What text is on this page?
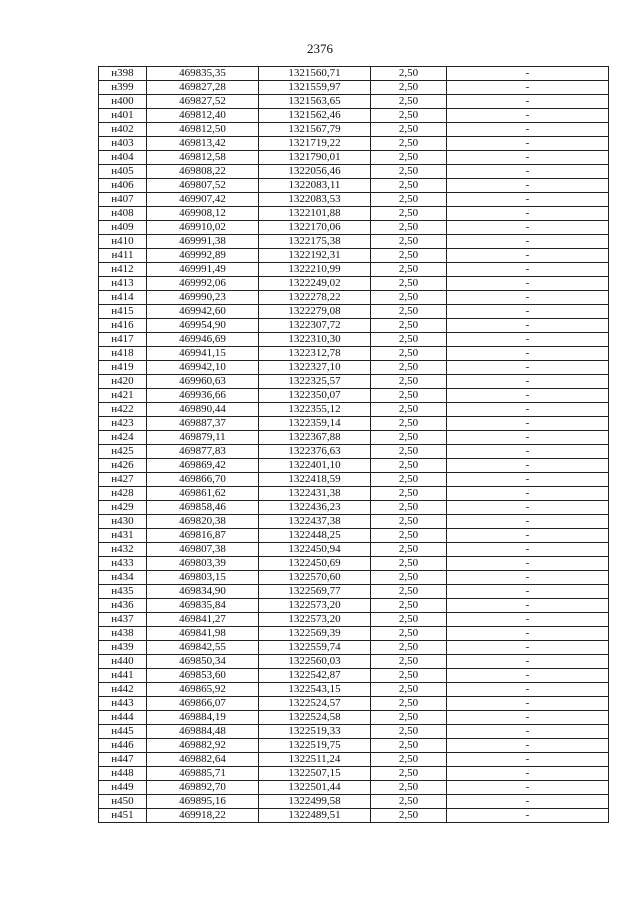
2376
н398	469835,35	1321560,71	2,50	-
н399	469827,28	1321559,97	2,50	-
н400	469827,52	1321563,65	2,50	-
н401	469812,40	1321562,46	2,50	-
н402	469812,50	1321567,79	2,50	-
н403	469813,42	1321719,22	2,50	-
н404	469812,58	1321790,01	2,50	-
н405	469808,22	1322056,46	2,50	-
н406	469807,52	1322083,11	2,50	-
н407	469907,42	1322083,53	2,50	-
н408	469908,12	1322101,88	2,50	-
н409	469910,02	1322170,06	2,50	-
н410	469991,38	1322175,38	2,50	-
н411	469992,89	1322192,31	2,50	-
н412	469991,49	1322210,99	2,50	-
н413	469992,06	1322249,02	2,50	-
н414	469990,23	1322278,22	2,50	-
н415	469942,60	1322279,08	2,50	-
н416	469954,90	1322307,72	2,50	-
н417	469946,69	1322310,30	2,50	-
н418	469941,15	1322312,78	2,50	-
н419	469942,10	1322327,10	2,50	-
н420	469960,63	1322325,57	2,50	-
н421	469936,66	1322350,07	2,50	-
н422	469890,44	1322355,12	2,50	-
н423	469887,37	1322359,14	2,50	-
н424	469879,11	1322367,88	2,50	-
н425	469877,83	1322376,63	2,50	-
н426	469869,42	1322401,10	2,50	-
н427	469866,70	1322418,59	2,50	-
н428	469861,62	1322431,38	2,50	-
н429	469858,46	1322436,23	2,50	-
н430	469820,38	1322437,38	2,50	-
н431	469816,87	1322448,25	2,50	-
н432	469807,38	1322450,94	2,50	-
н433	469803,39	1322450,69	2,50	-
н434	469803,15	1322570,60	2,50	-
н435	469834,90	1322569,77	2,50	-
н436	469835,84	1322573,20	2,50	-
н437	469841,27	1322573,20	2,50	-
н438	469841,98	1322569,39	2,50	-
н439	469842,55	1322559,74	2,50	-
н440	469850,34	1322560,03	2,50	-
н441	469853,60	1322542,87	2,50	-
н442	469865,92	1322543,15	2,50	-
н443	469866,07	1322524,57	2,50	-
н444	469884,19	1322524,58	2,50	-
н445	469884,48	1322519,33	2,50	-
н446	469882,92	1322519,75	2,50	-
н447	469882,64	1322511,24	2,50	-
н448	469885,71	1322507,15	2,50	-
н449	469892,70	1322501,44	2,50	-
н450	469895,16	1322499,58	2,50	-
н451	469918,22	1322489,51	2,50	-
